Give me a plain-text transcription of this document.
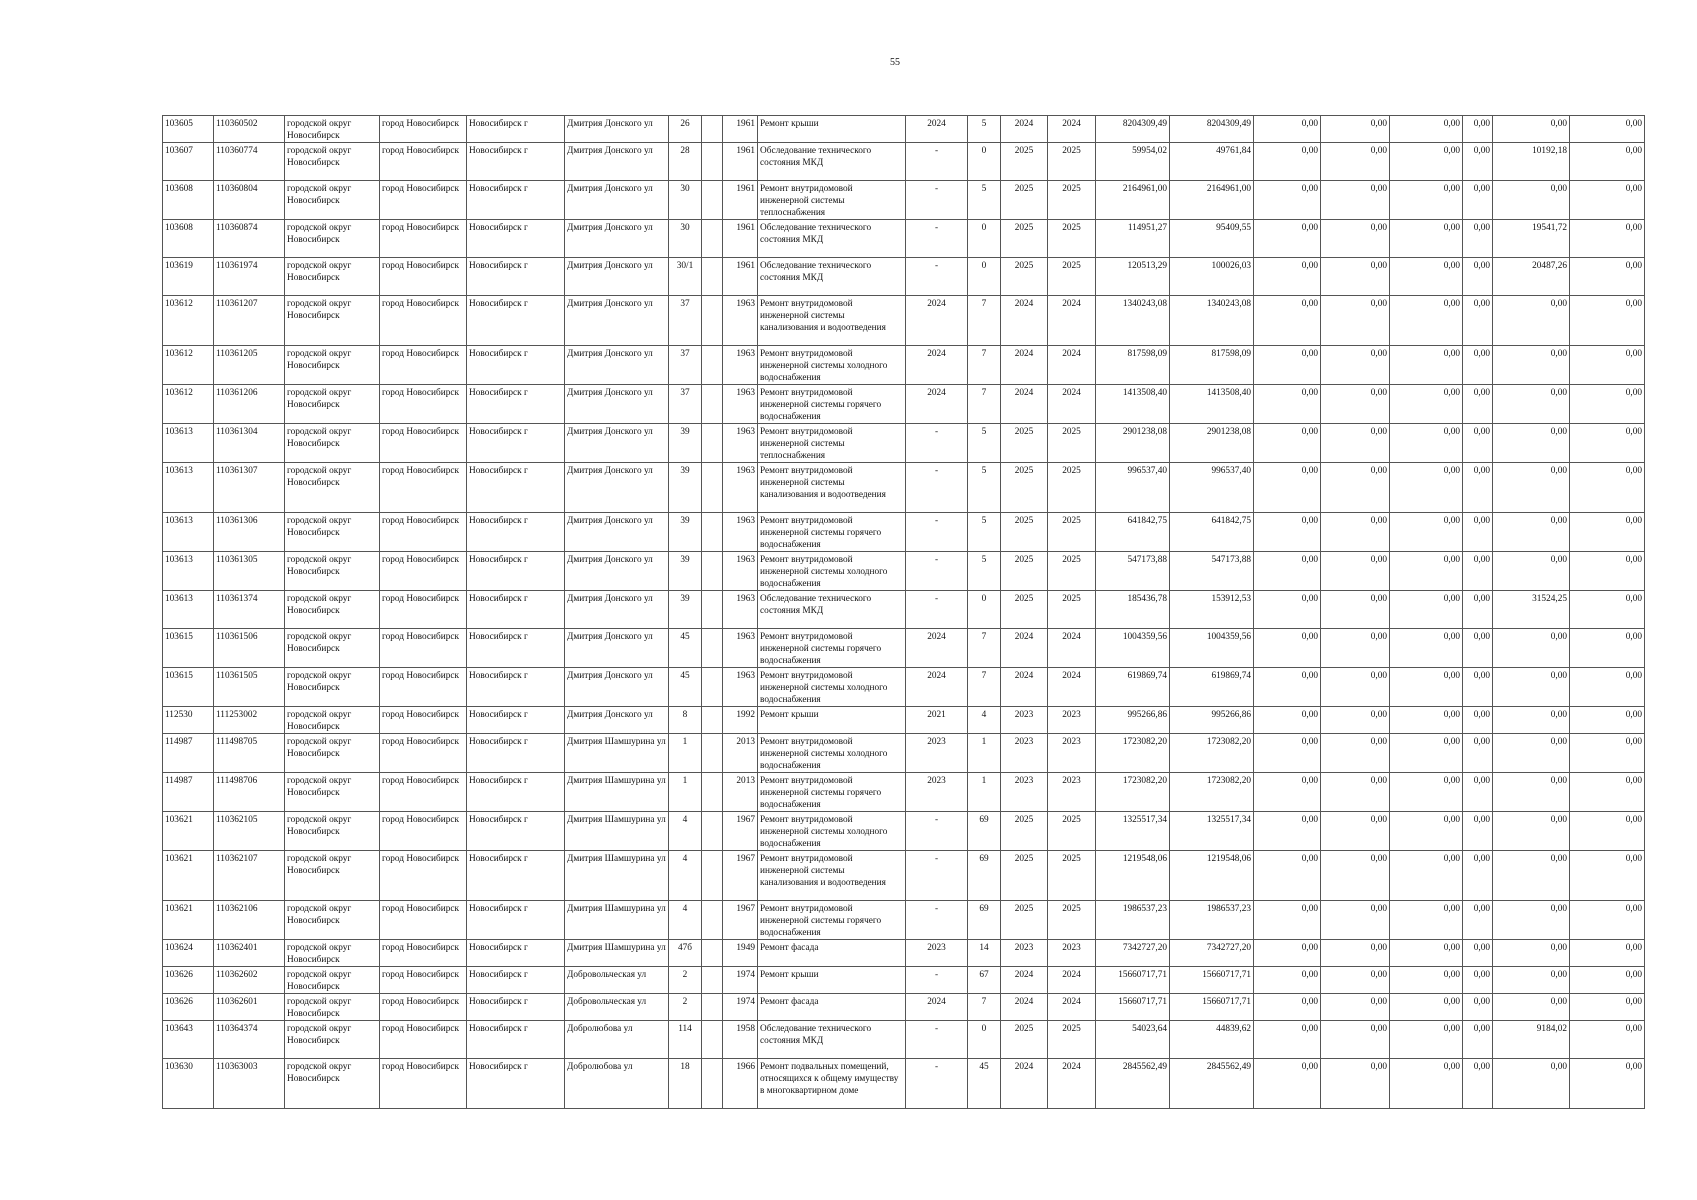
55
103605	110360502	городской округ Новосибирск	город Новосибирск	Новосибирск г	Дмитрия Донского ул	26		1961	Ремонт крыши	2024	5	2024	2024	8204309,49	8204309,49	0,00	0,00	0,00	0,00	0,00	0,00
103607	110360774	городской округ Новосибирск	город Новосибирск	Новосибирск г	Дмитрия Донского ул	28		1961	Обследование технического состояния МКД	-	0	2025	2025	59954,02	49761,84	0,00	0,00	0,00	0,00	10192,18	0,00
103608	110360804	городской округ Новосибирск	город Новосибирск	Новосибирск г	Дмитрия Донского ул	30		1961	Ремонт внутридомовой инженерной системы теплоснабжения	-	5	2025	2025	2164961,00	2164961,00	0,00	0,00	0,00	0,00	0,00	0,00
103608	110360874	городской округ Новосибирск	город Новосибирск	Новосибирск г	Дмитрия Донского ул	30		1961	Обследование технического состояния МКД	-	0	2025	2025	114951,27	95409,55	0,00	0,00	0,00	0,00	19541,72	0,00
103619	110361974	городской округ Новосибирск	город Новосибирск	Новосибирск г	Дмитрия Донского ул	30/1		1961	Обследование технического состояния МКД	-	0	2025	2025	120513,29	100026,03	0,00	0,00	0,00	0,00	20487,26	0,00
103612	110361207	городской округ Новосибирск	город Новосибирск	Новосибирск г	Дмитрия Донского ул	37		1963	Ремонт внутридомовой инженерной системы канализования и водоотведения	2024	7	2024	2024	1340243,08	1340243,08	0,00	0,00	0,00	0,00	0,00	0,00
103612	110361205	городской округ Новосибирск	город Новосибирск	Новосибирск г	Дмитрия Донского ул	37		1963	Ремонт внутридомовой инженерной системы холодного водоснабжения	2024	7	2024	2024	817598,09	817598,09	0,00	0,00	0,00	0,00	0,00	0,00
103612	110361206	городской округ Новосибирск	город Новосибирск	Новосибирск г	Дмитрия Донского ул	37		1963	Ремонт внутридомовой инженерной системы горячего водоснабжения	2024	7	2024	2024	1413508,40	1413508,40	0,00	0,00	0,00	0,00	0,00	0,00
103613	110361304	городской округ Новосибирск	город Новосибирск	Новосибирск г	Дмитрия Донского ул	39		1963	Ремонт внутридомовой инженерной системы теплоснабжения	-	5	2025	2025	2901238,08	2901238,08	0,00	0,00	0,00	0,00	0,00	0,00
103613	110361307	городской округ Новосибирск	город Новосибирск	Новосибирск г	Дмитрия Донского ул	39		1963	Ремонт внутридомовой инженерной системы канализования и водоотведения	-	5	2025	2025	996537,40	996537,40	0,00	0,00	0,00	0,00	0,00	0,00
103613	110361306	городской округ Новосибирск	город Новосибирск	Новосибирск г	Дмитрия Донского ул	39		1963	Ремонт внутридомовой инженерной системы горячего водоснабжения	-	5	2025	2025	641842,75	641842,75	0,00	0,00	0,00	0,00	0,00	0,00
103613	110361305	городской округ Новосибирск	город Новосибирск	Новосибирск г	Дмитрия Донского ул	39		1963	Ремонт внутридомовой инженерной системы холодного водоснабжения	-	5	2025	2025	547173,88	547173,88	0,00	0,00	0,00	0,00	0,00	0,00
103613	110361374	городской округ Новосибирск	город Новосибирск	Новосибирск г	Дмитрия Донского ул	39		1963	Обследование технического состояния МКД	-	0	2025	2025	185436,78	153912,53	0,00	0,00	0,00	0,00	31524,25	0,00
103615	110361506	городской округ Новосибирск	город Новосибирск	Новосибирск г	Дмитрия Донского ул	45		1963	Ремонт внутридомовой инженерной системы горячего водоснабжения	2024	7	2024	2024	1004359,56	1004359,56	0,00	0,00	0,00	0,00	0,00	0,00
103615	110361505	городской округ Новосибирск	город Новосибирск	Новосибирск г	Дмитрия Донского ул	45		1963	Ремонт внутридомовой инженерной системы холодного водоснабжения	2024	7	2024	2024	619869,74	619869,74	0,00	0,00	0,00	0,00	0,00	0,00
112530	111253002	городской округ Новосибирск	город Новосибирск	Новосибирск г	Дмитрия Донского ул	8		1992	Ремонт крыши	2021	4	2023	2023	995266,86	995266,86	0,00	0,00	0,00	0,00	0,00	0,00
114987	111498705	городской округ Новосибирск	город Новосибирск	Новосибирск г	Дмитрия Шамшурина ул	1		2013	Ремонт внутридомовой инженерной системы холодного водоснабжения	2023	1	2023	2023	1723082,20	1723082,20	0,00	0,00	0,00	0,00	0,00	0,00
114987	111498706	городской округ Новосибирск	город Новосибирск	Новосибирск г	Дмитрия Шамшурина ул	1		2013	Ремонт внутридомовой инженерной системы горячего водоснабжения	2023	1	2023	2023	1723082,20	1723082,20	0,00	0,00	0,00	0,00	0,00	0,00
103621	110362105	городской округ Новосибирск	город Новосибирск	Новосибирск г	Дмитрия Шамшурина ул	4		1967	Ремонт внутридомовой инженерной системы холодного водоснабжения	-	69	2025	2025	1325517,34	1325517,34	0,00	0,00	0,00	0,00	0,00	0,00
103621	110362107	городской округ Новосибирск	город Новосибирск	Новосибирск г	Дмитрия Шамшурина ул	4		1967	Ремонт внутридомовой инженерной системы канализования и водоотведения	-	69	2025	2025	1219548,06	1219548,06	0,00	0,00	0,00	0,00	0,00	0,00
103621	110362106	городской округ Новосибирск	город Новосибирск	Новосибирск г	Дмитрия Шамшурина ул	4		1967	Ремонт внутридомовой инженерной системы горячего водоснабжения	-	69	2025	2025	1986537,23	1986537,23	0,00	0,00	0,00	0,00	0,00	0,00
103624	110362401	городской округ Новосибирск	город Новосибирск	Новосибирск г	Дмитрия Шамшурина ул	47б		1949	Ремонт фасада	2023	14	2023	2023	7342727,20	7342727,20	0,00	0,00	0,00	0,00	0,00	0,00
103626	110362602	городской округ Новосибирск	город Новосибирск	Новосибирск г	Добровольческая ул	2		1974	Ремонт крыши	-	67	2024	2024	15660717,71	15660717,71	0,00	0,00	0,00	0,00	0,00	0,00
103626	110362601	городской округ Новосибирск	город Новосибирск	Новосибирск г	Добровольческая ул	2		1974	Ремонт фасада	2024	7	2024	2024	15660717,71	15660717,71	0,00	0,00	0,00	0,00	0,00	0,00
103643	110364374	городской округ Новосибирск	город Новосибирск	Новосибирск г	Добролюбова ул	114		1958	Обследование технического состояния МКД	-	0	2025	2025	54023,64	44839,62	0,00	0,00	0,00	0,00	9184,02	0,00
103630	110363003	городской округ Новосибирск	город Новосибирск	Новосибирск г	Добролюбова ул	18		1966	Ремонт подвальных помещений, относящихся к общему имуществу в многоквартирном доме	-	45	2024	2024	2845562,49	2845562,49	0,00	0,00	0,00	0,00	0,00	0,00
